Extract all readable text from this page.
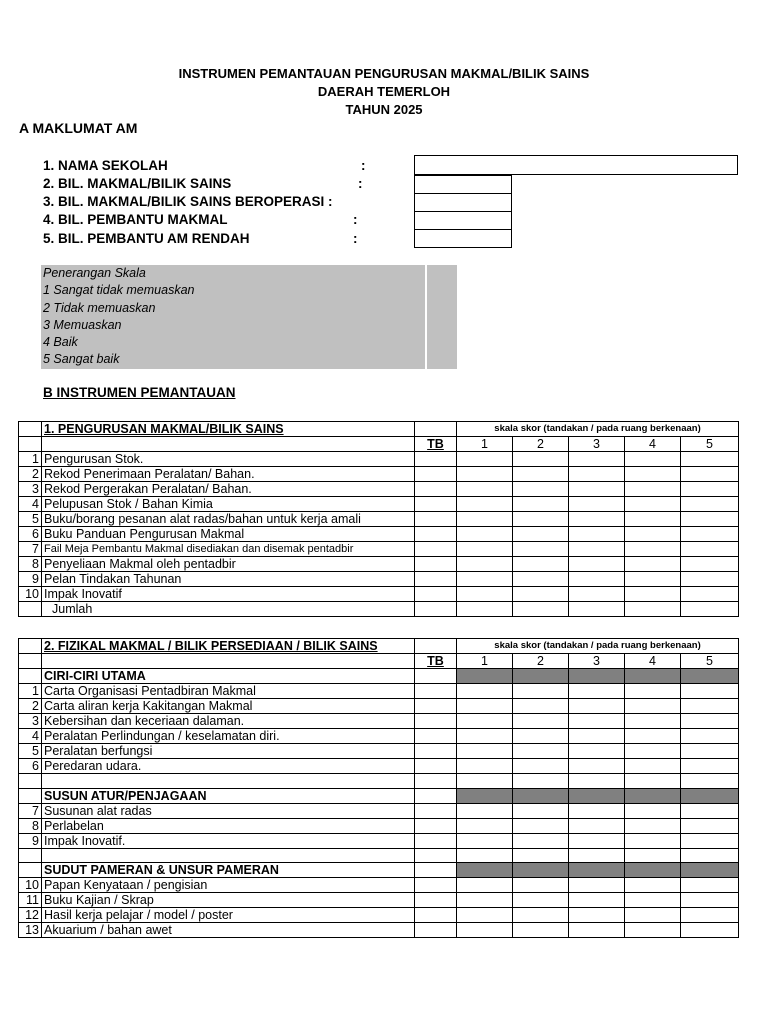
INSTRUMEN PEMANTAUAN PENGURUSAN MAKMAL/BILIK SAINS
DAERAH TEMERLOH
TAHUN 2025
A MAKLUMAT AM
1. NAMA SEKOLAH	:
2. BIL. MAKMAL/BILIK SAINS	:
3. BIL. MAKMAL/BILIK SAINS BEROPERASI :
4. BIL. PEMBANTU MAKMAL	:
5. BIL. PEMBANTU AM RENDAH	:
Penerangan Skala
1 Sangat tidak memuaskan
2 Tidak memuaskan
3 Memuaskan
4 Baik
5 Sangat baik
B INSTRUMEN PEMANTAUAN
	1. PENGURUSAN MAKMAL/BILIK SAINS		skala skor (tandakan / pada ruang berkenaan)				
		TB	1	2	3	4	5
1	Pengurusan Stok.						
2	Rekod Penerimaan Peralatan/ Bahan.						
3	Rekod Pergerakan Peralatan/ Bahan.						
4	Pelupusan Stok / Bahan Kimia						
5	Buku/borang pesanan alat radas/bahan untuk kerja amali						
6	Buku Panduan Pengurusan Makmal						
7	Fail Meja Pembantu Makmal disediakan dan disemak pentadbir						
8	Penyeliaan Makmal oleh pentadbir						
9	Pelan Tindakan Tahunan						
10	Impak Inovatif						
	Jumlah						
	2. FIZIKAL MAKMAL / BILIK PERSEDIAAN / BILIK SAINS		skala skor (tandakan / pada ruang berkenaan)				
		TB	1	2	3	4	5
	CIRI-CIRI UTAMA						
1	Carta Organisasi Pentadbiran Makmal						
2	Carta aliran kerja Kakitangan Makmal						
3	Kebersihan dan keceriaan dalaman.						
4	Peralatan Perlindungan / keselamatan diri.						
5	Peralatan berfungsi						
6	Peredaran udara.						

	SUSUN ATUR/PENJAGAAN						
7	Susunan alat radas						
8	Perlabelan						
9	Impak Inovatif.						

	SUDUT PAMERAN & UNSUR PAMERAN						
10	Papan Kenyataan / pengisian						
11	Buku Kajian / Skrap						
12	Hasil kerja pelajar / model / poster						
13	Akuarium / bahan awet						
